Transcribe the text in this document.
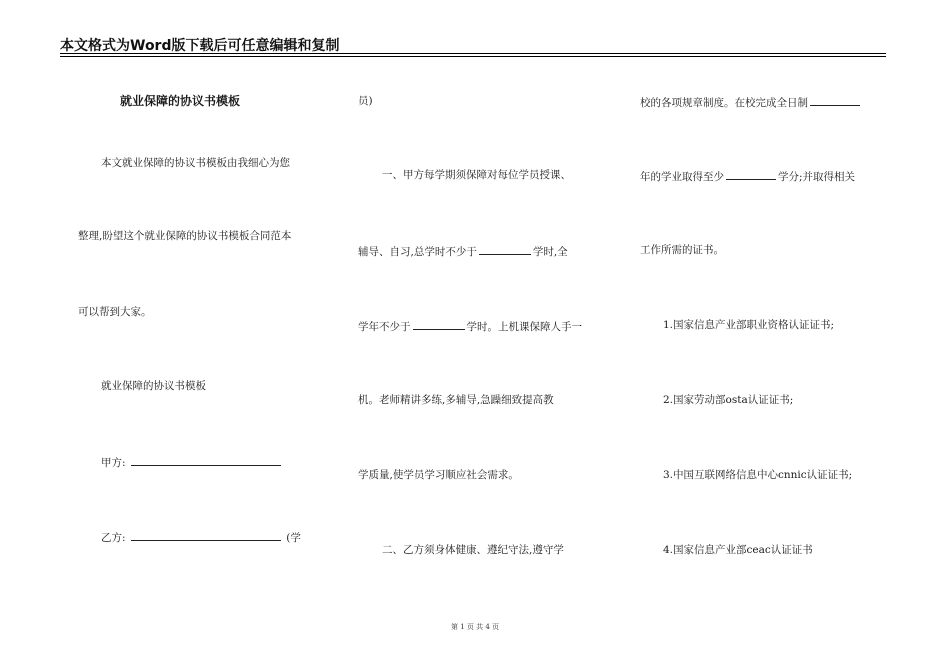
本文格式为Word版下载后可任意编辑和复制
就业保障的协议书模板
本文就业保障的协议书模板由我细心为您
整理,盼望这个就业保障的协议书模板合同范本
可以帮到大家。
就业保障的协议书模板
甲方:
乙方:	(学
员)
一、甲方每学期须保障对每位学员授课、
辅导、自习,总学时不少于	学时,全
学年不少于	学时。上机课保障人手一
机。老师精讲多练,多辅导,急躁细致提高教
学质量,使学员学习顺应社会需求。
二、乙方须身体健康、遵纪守法,遵守学
校的各项规章制度。在校完成全日制
年的学业取得至少	学分;并取得相关
工作所需的证书。
1.国家信息产业部职业资格认证证书;
2.国家劳动部osta认证证书;
3.中国互联网络信息中心cnnic认证证书;
4.国家信息产业部ceac认证证书
第 1 页 共 4 页
